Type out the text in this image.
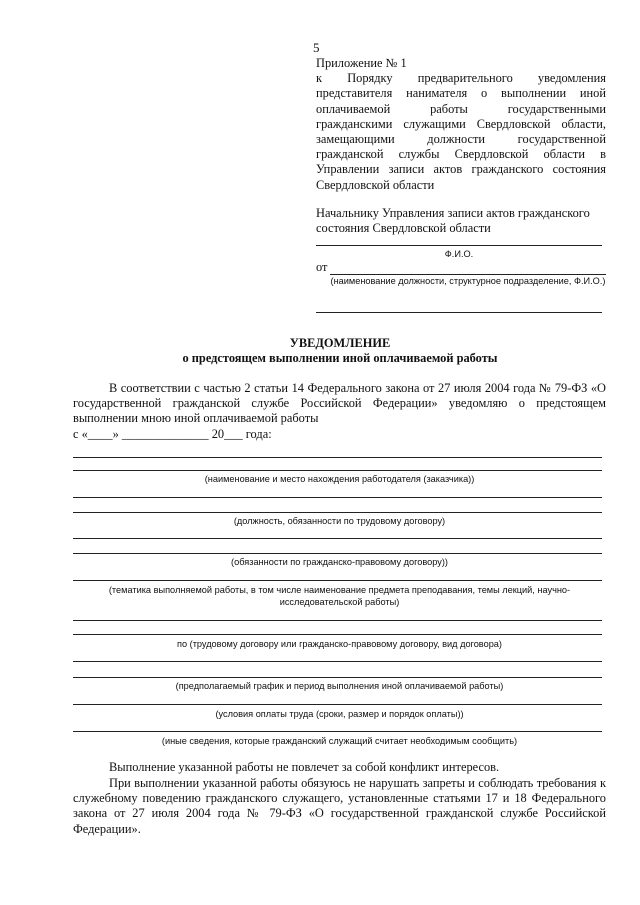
5
Приложение № 1
к Порядку предварительного уведомления представителя нанимателя о выполнении иной оплачиваемой работы государственными гражданскими служащими Свердловской области, замещающими должности государственной гражданской службы Свердловской области в Управлении записи актов гражданского состояния Свердловской области
Начальнику Управления записи актов гражданского состояния Свердловской области
Ф.И.О.
от
(наименование должности, структурное подразделение, Ф.И.О.)
УВЕДОМЛЕНИЕ
о предстоящем выполнении иной оплачиваемой работы
В соответствии с частью 2 статьи 14 Федерального закона от 27 июля 2004 года № 79-ФЗ «О государственной гражданской службе Российской Федерации» уведомляю о предстоящем выполнении мною иной оплачиваемой работы
с «____» ______________ 20___ года:
(наименование и место нахождения работодателя (заказчика))
(должность, обязанности по трудовому договору)
(обязанности по гражданско-правовому договору))
(тематика выполняемой работы, в том числе наименование предмета преподавания, темы лекций, научно-исследовательской работы)
по (трудовому договору или гражданско-правовому договору, вид договора)
(предполагаемый график и период выполнения иной оплачиваемой работы)
(условия оплаты труда (сроки, размер и порядок оплаты))
(иные сведения, которые гражданский служащий считает необходимым сообщить)
Выполнение указанной работы не повлечет за собой конфликт интересов.
При выполнении указанной работы обязуюсь не нарушать запреты и соблюдать требования к служебному поведению гражданского служащего, установленные статьями 17 и 18 Федерального закона от 27 июля 2004 года № 79-ФЗ «О государственной гражданской службе Российской Федерации».
